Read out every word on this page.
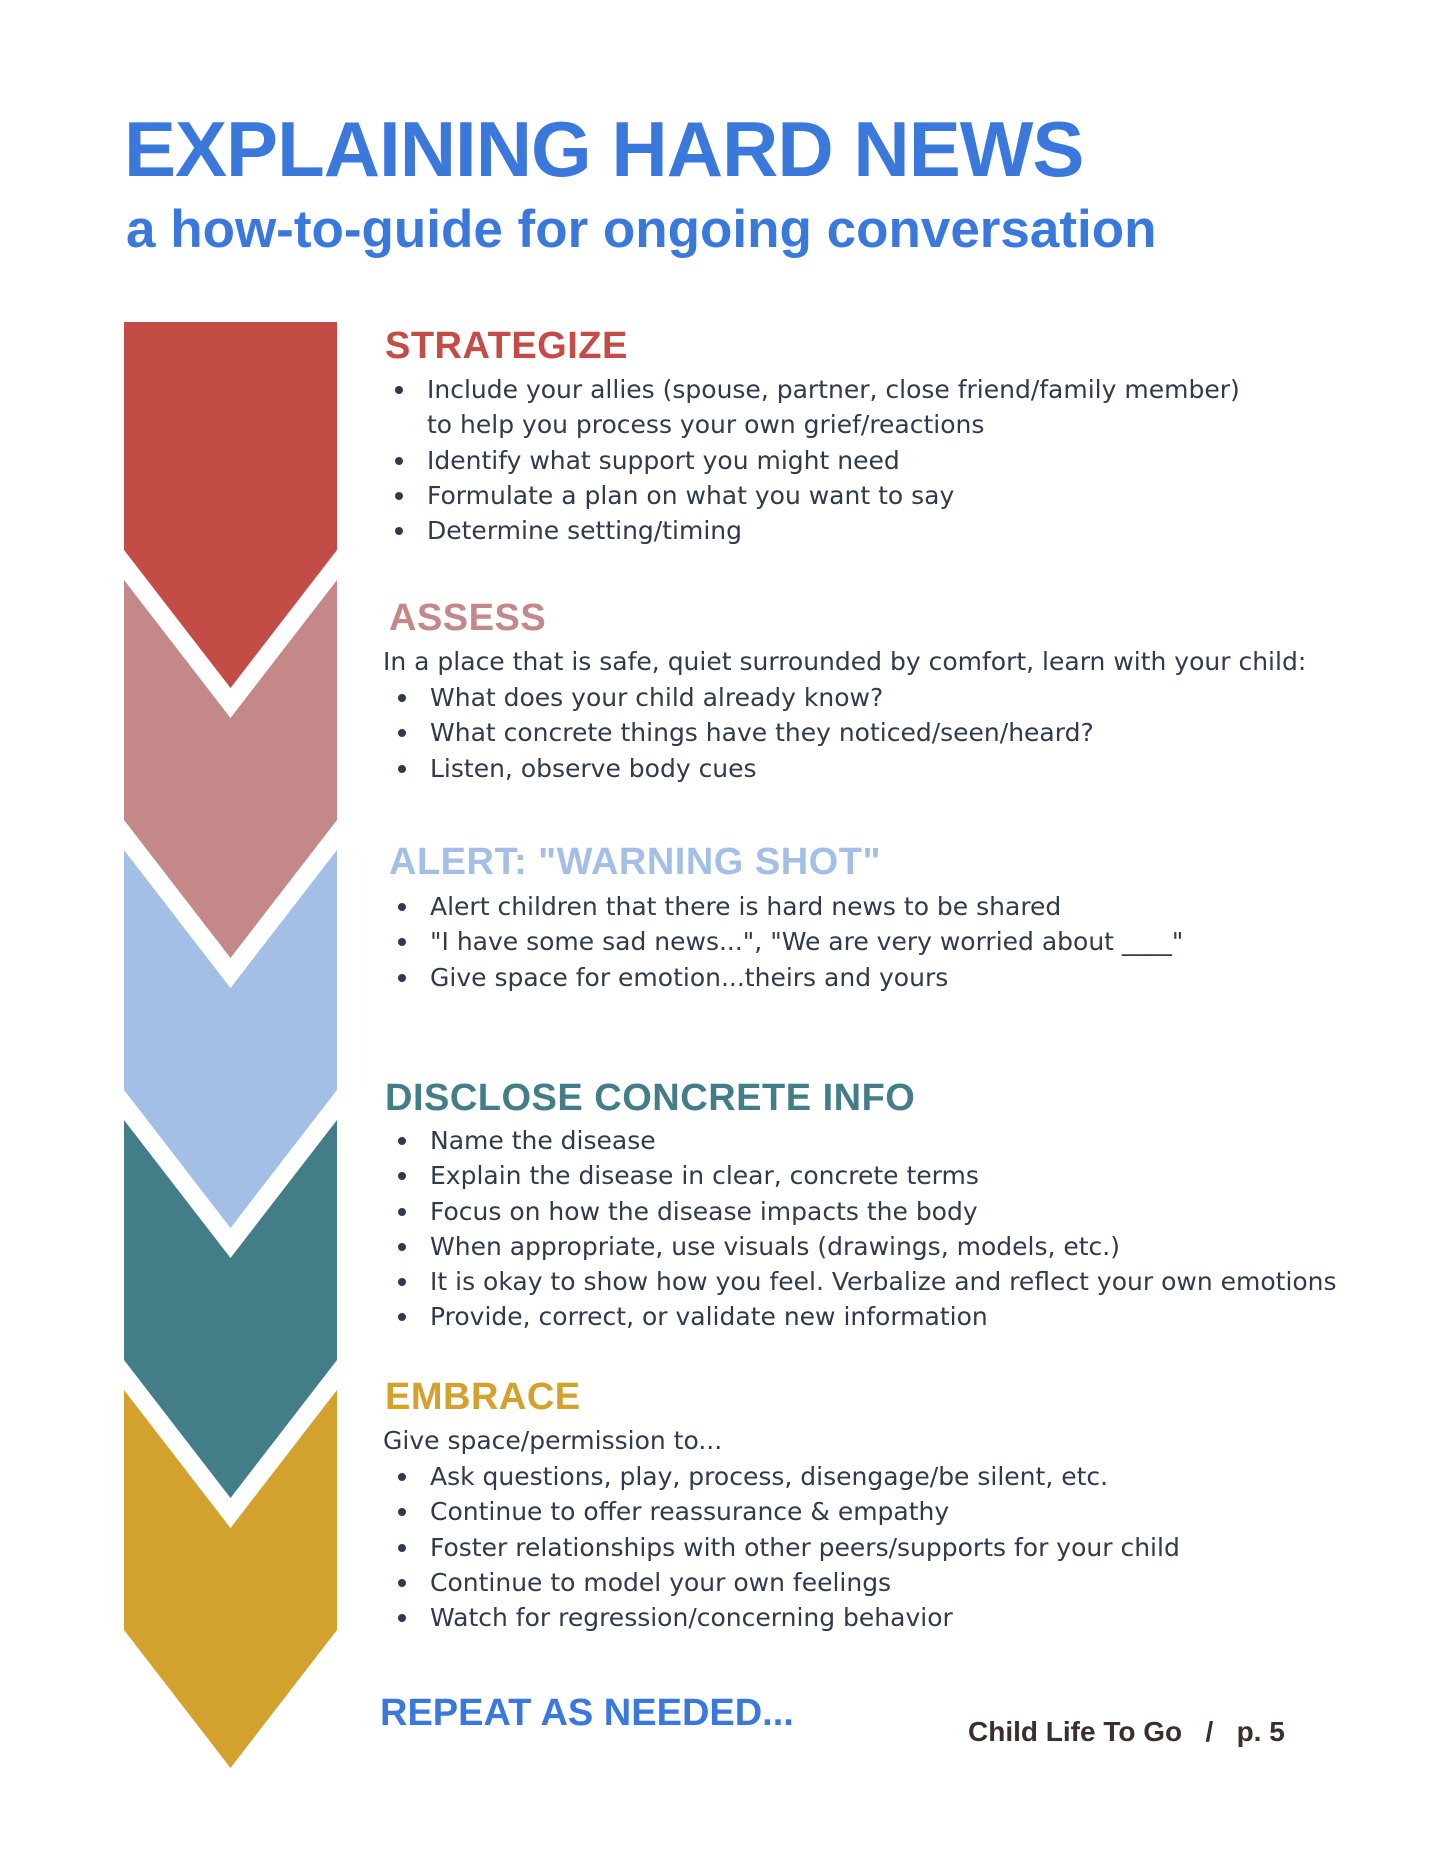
EXPLAINING HARD NEWS
a how-to-guide for ongoing conversation
STRATEGIZE
Include your allies (spouse, partner, close friend/family member)
to help you process your own grief/reactions
Identify what support you might need
Formulate a plan on what you want to say
Determine setting/timing
ASSESS

In a place that is safe, quiet surrounded by comfort, learn with your child:

What does your child already know?
What concrete things have they noticed/seen/heard?
Listen, observe body cues
ALERT: "WARNING SHOT"
Alert children that there is hard news to be shared
"I have some sad news...", "We are very worried about ____"
Give space for emotion...theirs and yours
DISCLOSE CONCRETE INFO
Name the disease
Explain the disease in clear, concrete terms
Focus on how the disease impacts the body
When appropriate, use visuals (drawings, models, etc.)
It is okay to show how you feel. Verbalize and reflect your own emotions
Provide, correct, or validate new information
EMBRACE

Give space/permission to...

Ask questions, play, process, disengage/be silent, etc.
Continue to offer reassurance & empathy
Foster relationships with other peers/supports for your child
Continue to model your own feelings
Watch for regression/concerning behavior

REPEAT AS NEEDED...	Child Life To Go   /   p. 5
